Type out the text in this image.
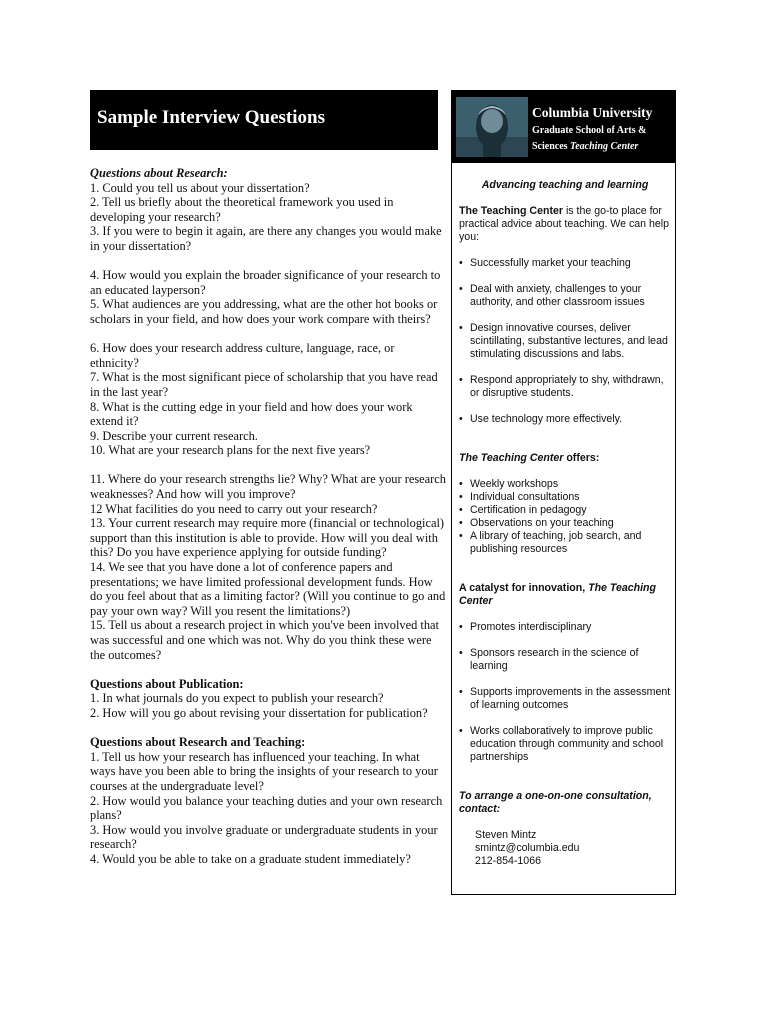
Sample Interview Questions

Questions about Research:

1. Could you tell us about your dissertation?

2. Tell us briefly about the theoretical framework you used in developing your research?

3. If you were to begin it again, are there any changes you would make in your dissertation?

4. How would you explain the broader significance of your research to an educated layperson?

5. What audiences are you addressing, what are the other hot books or scholars in your field, and how does your work compare with theirs?

6. How does your research address culture, language, race, or ethnicity?

7. What is the most significant piece of scholarship that you have read in the last year?

8. What is the cutting edge in your field and how does your work extend it?

9. Describe your current research.

10. What are your research plans for the next five years?

11. Where do your research strengths lie? Why? What are your research weaknesses? And how will you improve?

12 What facilities do you need to carry out your research?

13. Your current research may require more (financial or technological) support than this institution is able to provide. How will you deal with this? Do you have experience applying for outside funding?

14. We see that you have done a lot of conference papers and presentations; we have limited professional development funds. How do you feel about that as a limiting factor? (Will you continue to go and pay your own way? Will you resent the limitations?)

15. Tell us about a research project in which you've been involved that was successful and one which was not. Why do you think these were the outcomes?

Questions about Publication:

1. In what journals do you expect to publish your research?

2. How will you go about revising your dissertation for publication?

Questions about Research and Teaching:

1. Tell us how your research has influenced your teaching. In what ways have you been able to bring the insights of your research to your courses at the undergraduate level?

2. How would you balance your teaching duties and your own research plans?

3. How would you involve graduate or undergraduate students in your research?

4. Would you be able to take on a graduate student immediately?

Columbia University
Graduate School of Arts &
Sciences Teaching Center

Advancing teaching and learning

The Teaching Center is the go-to place for practical advice about teaching. We can help you:

• Successfully market your teaching
• Deal with anxiety, challenges to your authority, and other classroom issues
• Design innovative courses, deliver scintillating, substantive lectures, and lead stimulating discussions and labs.
• Respond appropriately to shy, withdrawn, or disruptive students.
• Use technology more effectively.

The Teaching Center offers:

• Weekly workshops
• Individual consultations
• Certification in pedagogy
• Observations on your teaching
• A library of teaching, job search, and publishing resources

A catalyst for innovation, The Teaching Center

• Promotes interdisciplinary
• Sponsors research in the science of learning
• Supports improvements in the assessment of learning outcomes
• Works collaboratively to improve public education through community and school partnerships

To arrange a one-on-one consultation, contact:

Steven Mintz

smintz@columbia.edu

212-854-1066
